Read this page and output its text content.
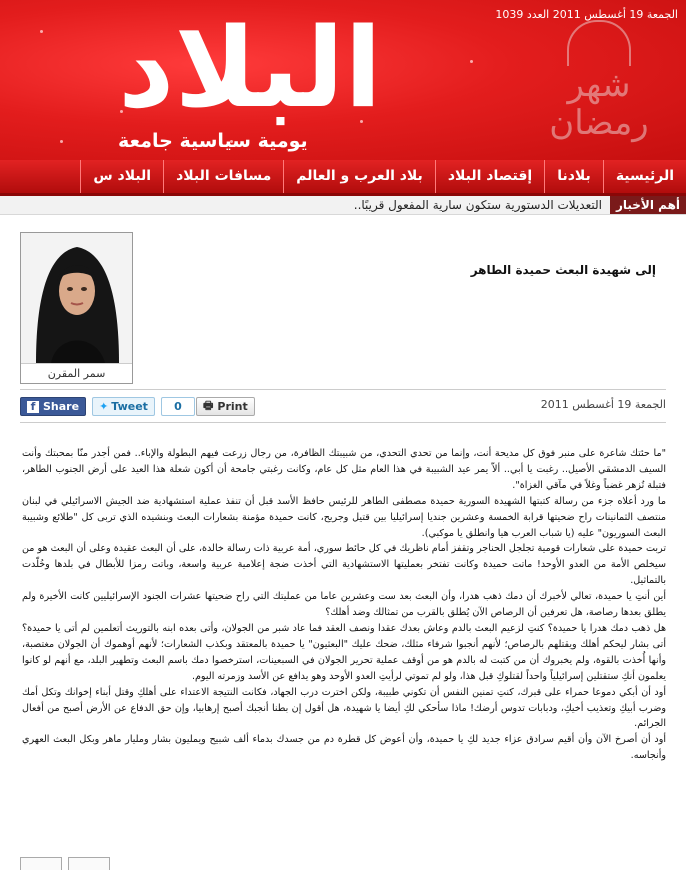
الجمعة 19 أغسطس 2011 العدد 1039
البلاد
يومية سياسية جامعة
شهر رمضان
الرئيسية
بلادنا
إقتصاد البلاد
بلاد العرب و العالم
مسافات البلاد
البلاد س
أهم الأخبار
التعديلات الدستورية ستكون سارية المفعول قريبًا..
سمر المقرن
إلى شهيدة البعث حميدة الطاهر
f Share ✦ Tweet	0	🖶 Print	الجمعة 19 أغسطس 2011

"ما حئتك شاعرة على منبر فوق كل مديحة أنت، وإنما من تحدي التحدي، من شبيبتك الظافرة، من رجال زرعت فيهم البطولة والإباء.. فمن أجدر منّا بمحبتك وأنت السيف الدمشقي الأصيل.. رغبت يا أبي.. ألاّ يمر عيد الشبيبة في هذا العام مثل كل عام، وكانت رغبتي جامحة أن أكون شعلة هذا العيد على أرض الجنوب الطاهر، فتبلة تُزهر غضباً وغلاً في مآقي الغزاة".

ما ورد أعلاه جزء من رسالة كتبتها الشهيدة السورية حميدة مصطفى الطاهر للرئيس حافظ الأسد قبل أن تنفذ عملية استشهادية ضد الجيش الاسرائيلي في لبنان منتصف الثمانينات راح ضحيتها قرابة الخمسة وعشرين جنديا إسرائيليا بين قتيل وجريح، كانت حميدة مؤمنة بشعارات البعث وبنشيده الذي تربى كل "طلائع وشبيبة البعث السوريون" عليه (يا شباب العرب هيا وانطلق يا موكبي).

تربت حميدة على شعارات قومية تجلجل الحناجر وتقفز أمام ناظريك في كل حائط سوري، أمة عربية ذات رسالة خالدة، على أن البعث عقيدة وعلى أن البعث هو من سيخلص الأمة من العدو الأوحد! ماتت حميدة وكانت تفتخر بعمليتها الاستشهادية التي أخذت ضجة إعلامية عربية واسعة، وباتت رمزا للأبطال في بلدها وخُلّدت بالتماثيل.

أين أنتِ يا حميدة، تعالي لأخبرك أن دمك ذهب هدرا، وأن البعث بعد ست وعشرين عاما من عمليتك التي راح ضحيتها عشرات الجنود الإسرائيليين كانت الأخيرة ولم يطلق بعدها رصاصة، هل تعرفين أن الرصاص الآن يُطلق بالقرب من تمثالك وضد أهلك؟

هل ذهب دمك هدرا يا حميدة؟ كنتِ لزعيم البعث بالدم وعاش بعدك عقدا ونصف العقد فما عاد شبر من الجولان، وأتى بعده ابنه بالتوريث أتعلمين لم أتى يا حميدة؟ أتى بشار ليحكم أهلك ويقتلهم بالرصاص؛ لأنهم أنجبوا شرفاء مثلك، ضحك عليك "البعثيون" يا حميدة بالمعتقد وبكذب الشعارات؛ لأنهم أوهموك أن الجولان مغتصبة، وأنها أُخذت بالقوة، ولم يخبروك أن من كتبت له بالدم هو من أوقف عملية تحرير الجولان في السبعينات، استرخصوا دمك باسم البعث وتطهير البلد، مع أنهم لو كانوا يعلمون أنكِ ستقتلين إسرائيلياً واحداً لقتلوكِ قبل هذا، ولو لم تموتي لرأيتِ العدو الأوحد وهو يدافع عن الأسد وزمرته اليوم.

أود أن أبكي دموعا حمراء على قبرك، كنتِ تمنين النفس أن تكوني طبيبة، ولكن اخترت درب الجهاد، فكانت النتيجة الاعتداء على أهلكِ وقتل أبناء إخوانك وتكل أمك وضرب أبيكِ وتعذيب أخيكِ، ودبابات تدوس أرضك! ماذا سأحكي لكِ أيضا يا شهيدة، هل أقول إن بطنا أنجبك أصبح إرهابيا، وإن حق الدفاع عن الأرض أصبح من أفعال الجرائم.

أود أن أصرخ الآن وأن أقيم سرادق عزاء جديد لكِ يا حميدة، وأن أعوض كل قطرة دم من جسدك بدماء ألف شبيح ويمليون بشار ومليار ماهر وبكل البعث العهري وأنجاسه.
